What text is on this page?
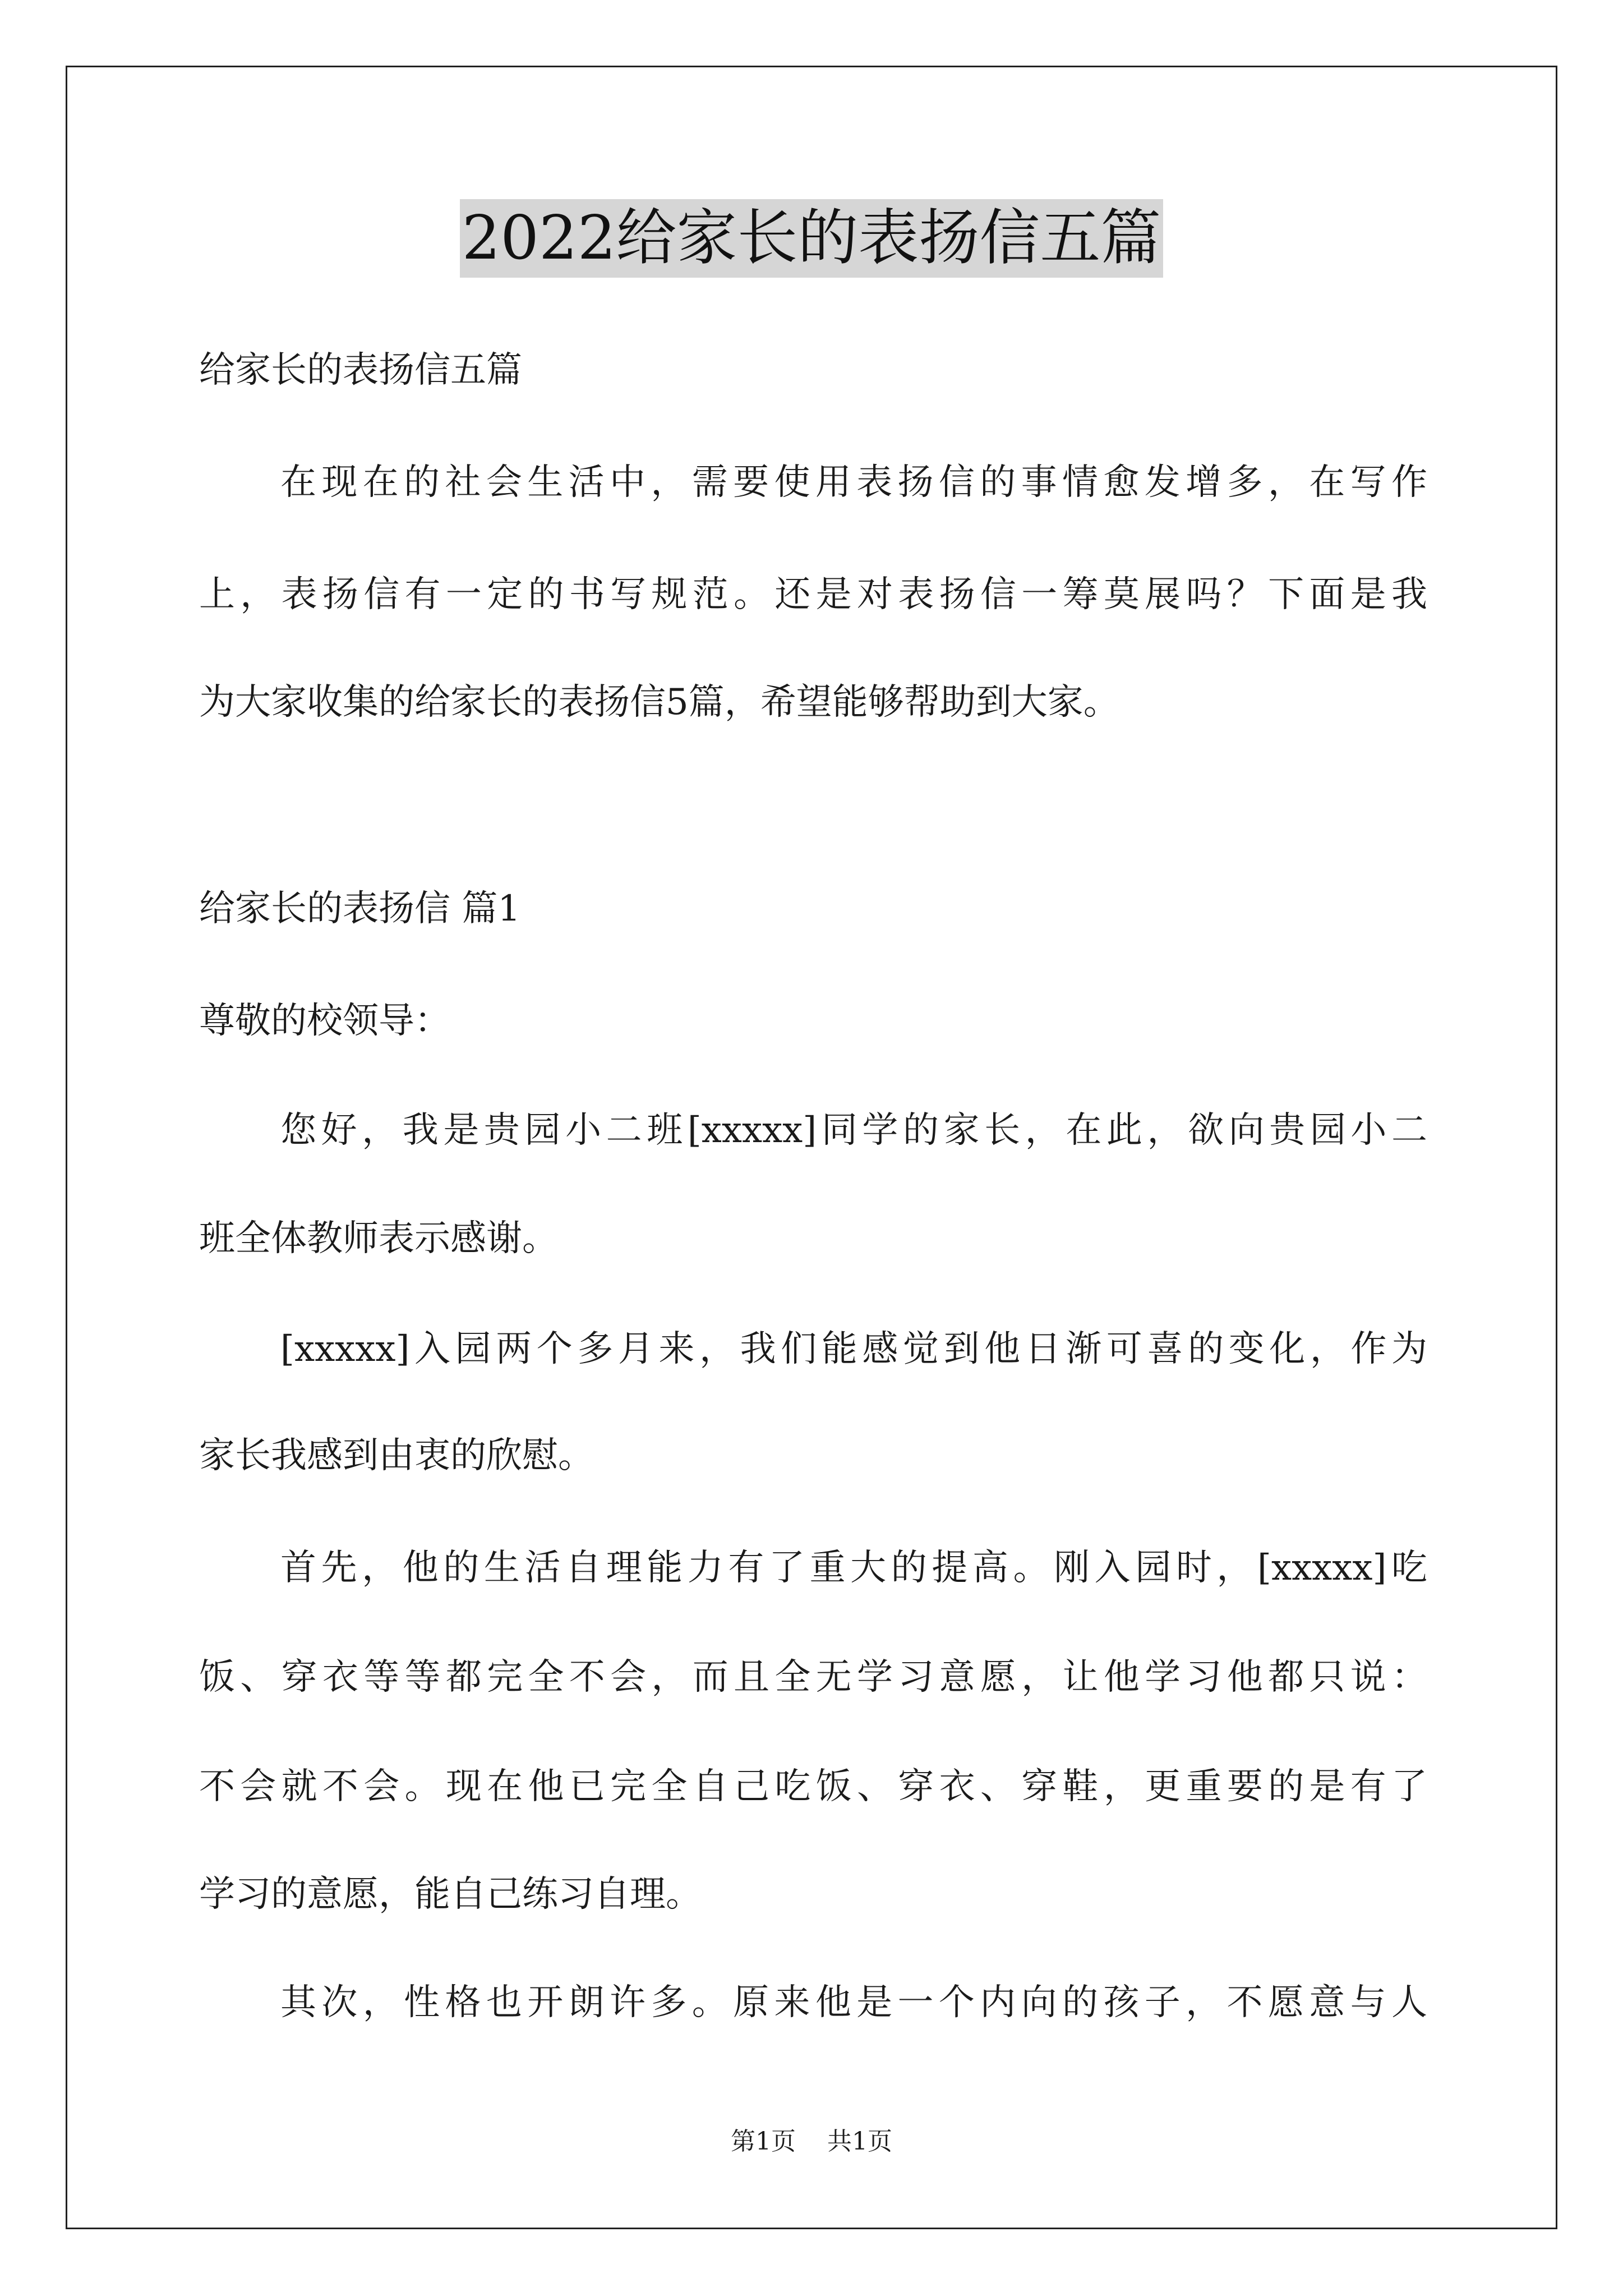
2022给家长的表扬信五篇
给家长的表扬信五篇
在现在的社会生活中，需要使用表扬信的事情愈发增多，在写作
上，表扬信有一定的书写规范。还是对表扬信一筹莫展吗？下面是我
为大家收集的给家长的表扬信5篇，希望能够帮助到大家。
给家长的表扬信 篇1
尊敬的校领导：
您好，我是贵园小二班[xxxxx]同学的家长，在此，欲向贵园小二
班全体教师表示感谢。
[xxxxx]入园两个多月来，我们能感觉到他日渐可喜的变化，作为
家长我感到由衷的欣慰。
首先，他的生活自理能力有了重大的提高。刚入园时，[xxxxx]吃
饭、穿衣等等都完全不会，而且全无学习意愿，让他学习他都只说：
不会就不会。现在他已完全自己吃饭、穿衣、穿鞋，更重要的是有了
学习的意愿，能自己练习自理。
其次，性格也开朗许多。原来他是一个内向的孩子，不愿意与人
第1页 共1页
